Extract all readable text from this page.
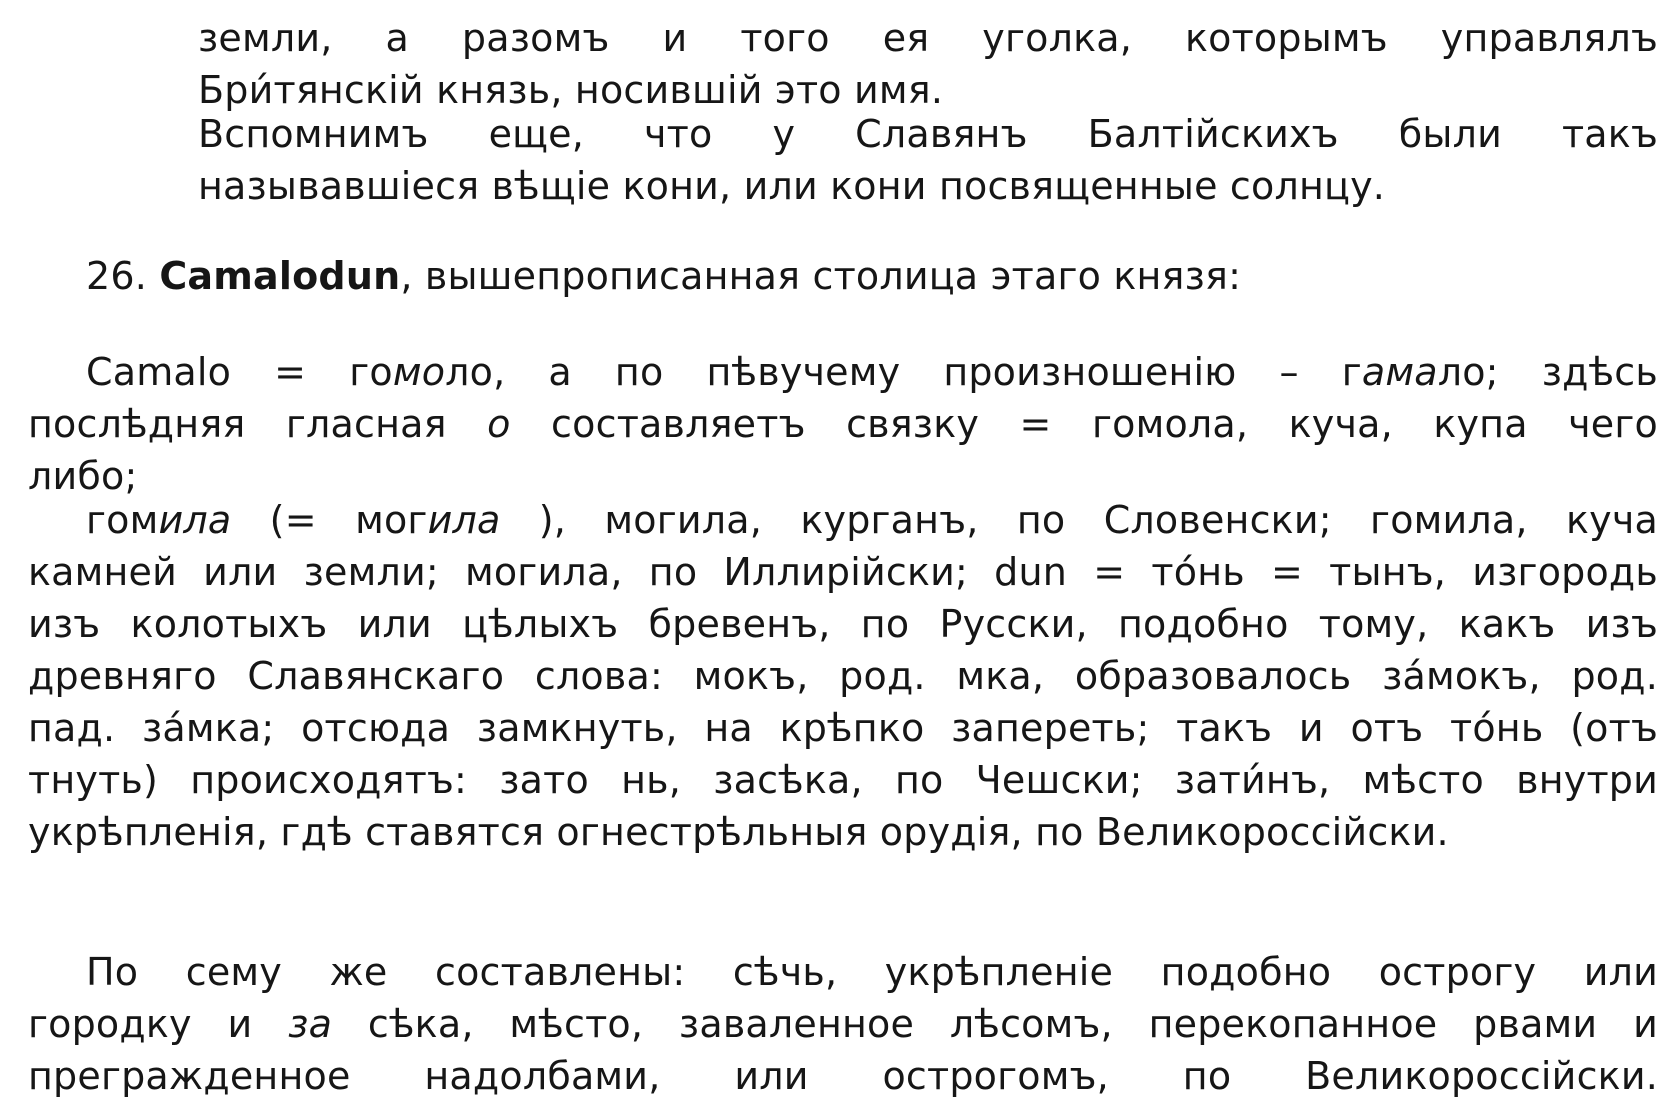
земли, а разомъ и того ея уголка, которымъ управлялъ
Бри́тянскій князь, носившій это имя.
Вспомнимъ еще, что у Славянъ Балтійскихъ были такъ
называвшіеся вѣщіе кони, или кони посвященные солнцу.
26. Camalodun, вышепрописанная столица этаго князя:
Camalo = гомоло, а по пѣвучему произношенію – гамало; здѣсь
послѣдняя гласная о составляетъ связку = гомола, куча, купа чего
либо;
гомила (= могила ), могила, курганъ, по Словенски; гомила, куча
камней или земли; могила, по Иллирійски; dun = то́нь = тынъ, изгородь
изъ колотыхъ или цѣлыхъ бревенъ, по Русски, подобно тому, какъ изъ
древняго Славянскаго слова: мокъ, род. мка, образовалось за́мокъ, род.
пад. за́мка; отсюда замкнуть, на крѣпко запереть; такъ и отъ то́нь (отъ
тнуть) происходятъ: зато нь, засѣка, по Чешски; зати́нъ, мѣсто внутри
укрѣпленія, гдѣ ставятся огнестрѣльныя орудія, по Великороссійски.
По сему же составлены: сѣчь, укрѣпленіе подобно острогу или
городку и за сѣка, мѣсто, заваленное лѣсомъ, перекопанное рвами и
прегражденное надолбами, или острогомъ, по Великороссійски.
